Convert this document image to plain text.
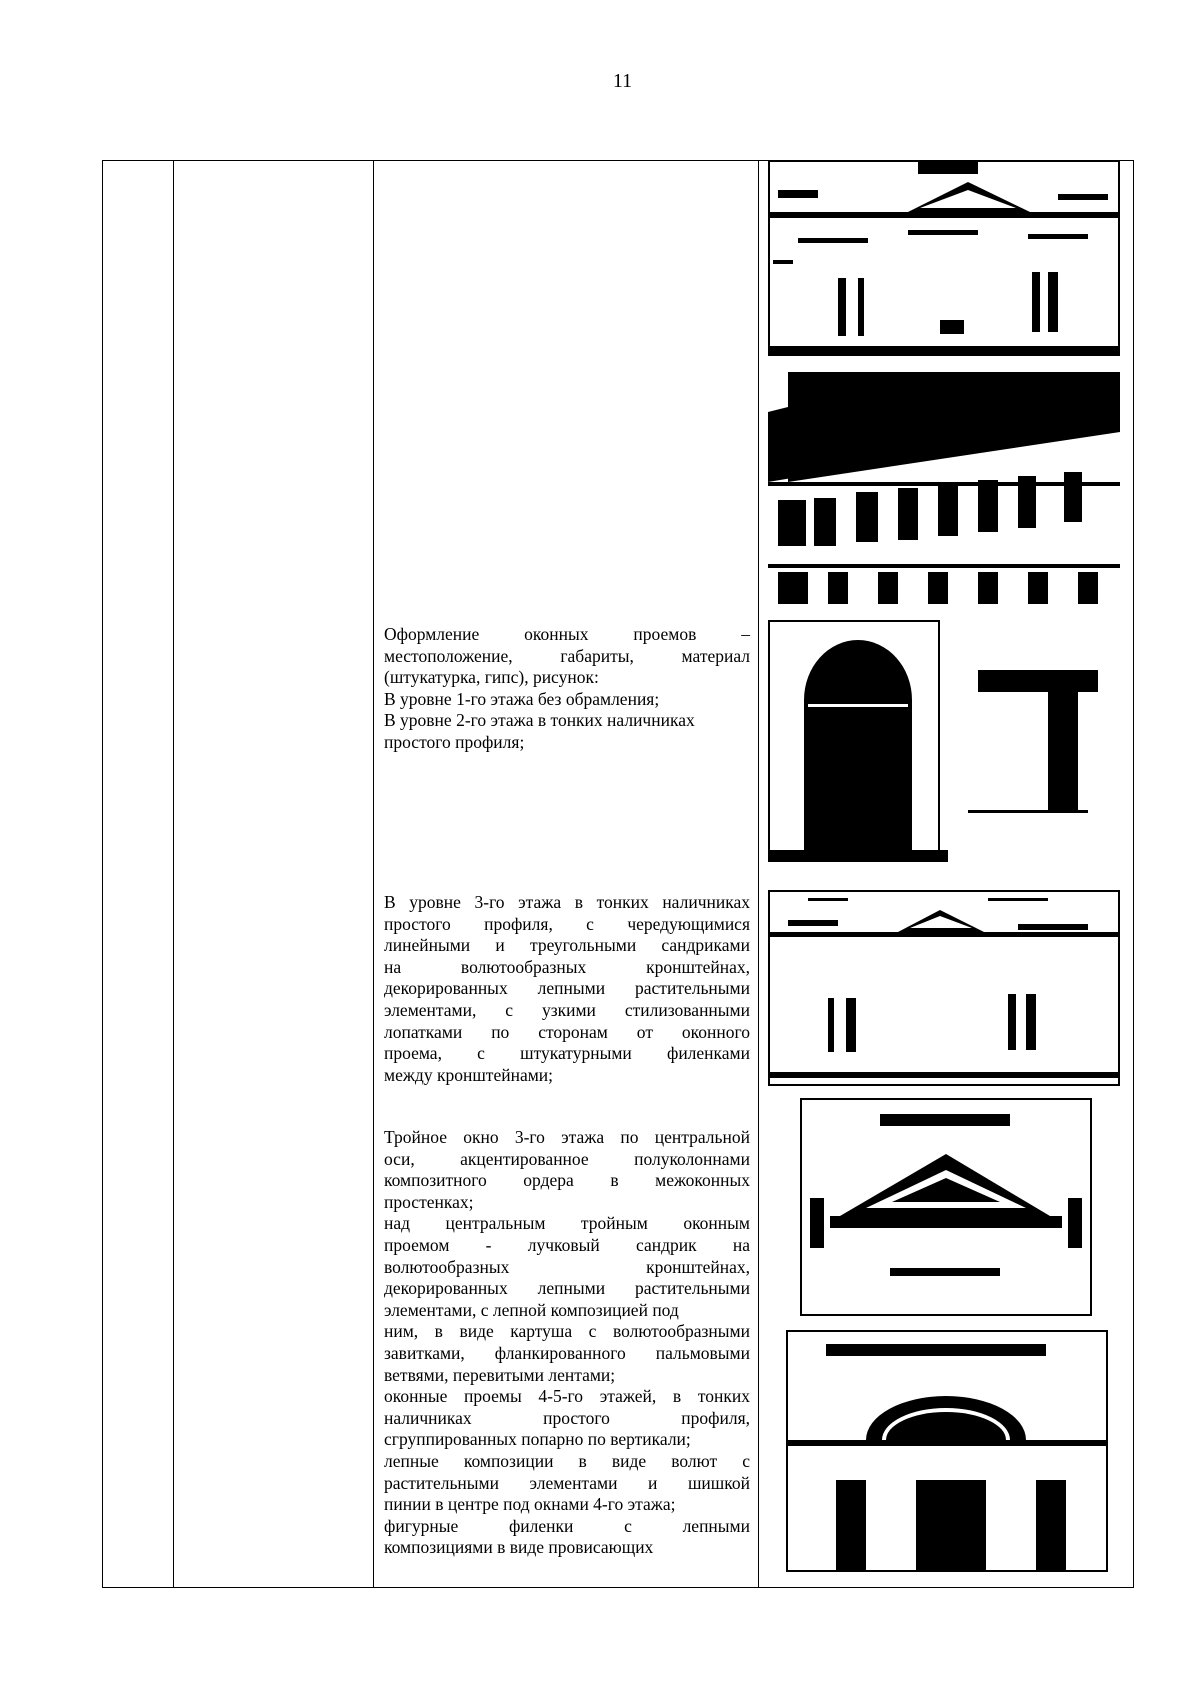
11

Оформление оконных проемов –

местоположение, габариты, материал

(штукатурка, гипс), рисунок:

В уровне 1-го этажа без обрамления;

В уровне 2-го этажа в тонких наличниках

простого профиля;

В уровне 3-го этажа в тонких наличниках

простого профиля, с чередующимися

линейными и треугольными сандриками

на волютообразных кронштейнах,

декорированных лепными растительными

элементами, с узкими стилизованными

лопатками по сторонам от оконного

проема, с штукатурными филенками

между кронштейнами;

Тройное окно 3-го этажа по центральной

оси, акцентированное полуколоннами

композитного ордера в межоконных

простенках;

над центральным тройным оконным

проемом - лучковый сандрик на

волютообразных кронштейнах,

декорированных лепными растительными

элементами, с лепной композицией под

ним, в виде картуша с волютообразными

завитками, фланкированного пальмовыми

ветвями, перевитыми лентами;

оконные проемы 4-5-го этажей, в тонких

наличниках простого профиля,

сгруппированных попарно по вертикали;

лепные композиции в виде волют с

растительными элементами и шишкой

пинии в центре под окнами 4-го этажа;

фигурные филенки с лепными

композициями в виде провисающих
